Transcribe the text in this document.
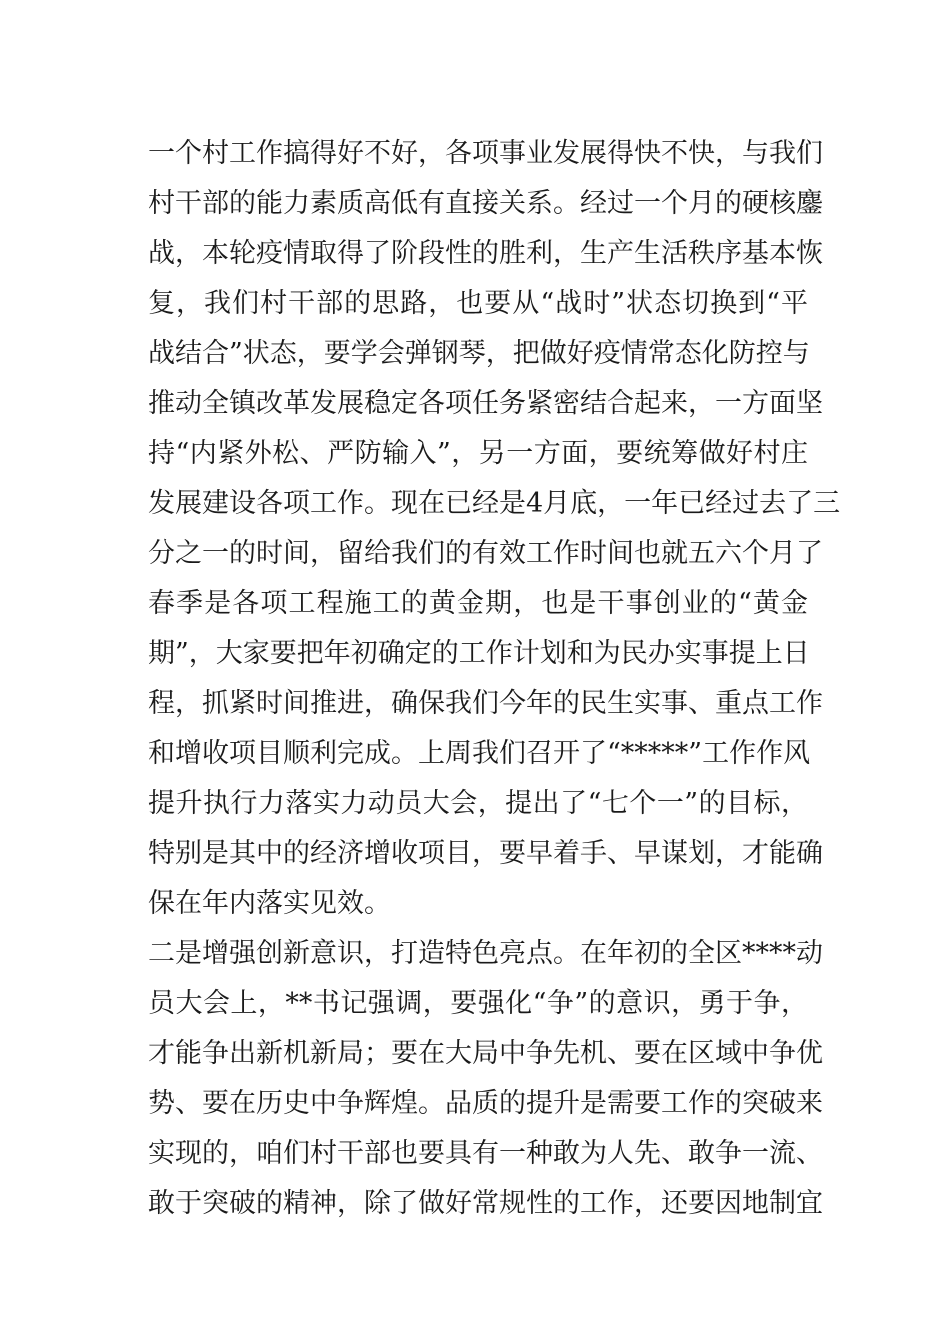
一个村工作搞得好不好，各项事业发展得快不快，与我们
村干部的能力素质高低有直接关系。经过一个月的硬核鏖
战，本轮疫情取得了阶段性的胜利，生产生活秩序基本恢
复，我们村干部的思路，也要从“战时”状态切换到“平
战结合”状态，要学会弹钢琴，把做好疫情常态化防控与
推动全镇改革发展稳定各项任务紧密结合起来，一方面坚
持“内紧外松、严防输入”，另一方面，要统筹做好村庄
发展建设各项工作。现在已经是4月底，一年已经过去了三
分之一的时间，留给我们的有效工作时间也就五六个月了
春季是各项工程施工的黄金期，也是干事创业的“黄金
期”，大家要把年初确定的工作计划和为民办实事提上日
程，抓紧时间推进，确保我们今年的民生实事、重点工作
和增收项目顺利完成。上周我们召开了“*****”工作作风
提升执行力落实力动员大会，提出了“七个一”的目标，
特别是其中的经济增收项目，要早着手、早谋划，才能确
保在年内落实见效。
二是增强创新意识，打造特色亮点。在年初的全区****动
员大会上，**书记强调，要强化“争”的意识，勇于争，
才能争出新机新局；要在大局中争先机、要在区域中争优
势、要在历史中争辉煌。品质的提升是需要工作的突破来
实现的，咱们村干部也要具有一种敢为人先、敢争一流、
敢于突破的精神，除了做好常规性的工作，还要因地制宜
